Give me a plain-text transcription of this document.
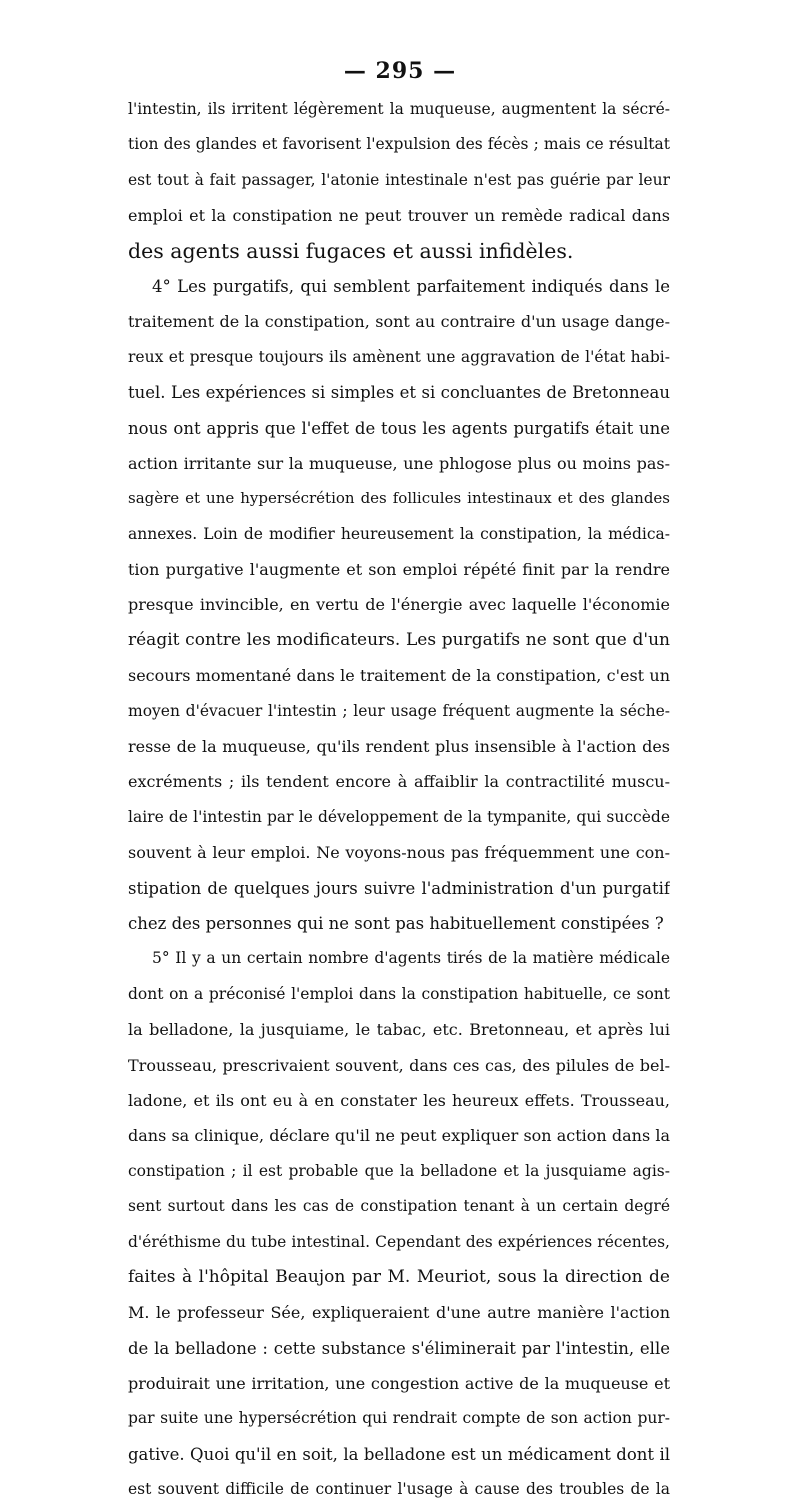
— 295 —
l'intestin, ils irritent légèrement la muqueuse, augmentent la sécré-
tion des glandes et favorisent l'expulsion des fécès ; mais ce résultat
est tout à fait passager, l'atonie intestinale n'est pas guérie par leur
emploi et la constipation ne peut trouver un remède radical dans
des agents aussi fugaces et aussi infidèles.
4° Les purgatifs, qui semblent parfaitement indiqués dans le
traitement de la constipation, sont au contraire d'un usage dange-
reux et presque toujours ils amènent une aggravation de l'état habi-
tuel. Les expériences si simples et si concluantes de Bretonneau
nous ont appris que l'effet de tous les agents purgatifs était une
action irritante sur la muqueuse, une phlogose plus ou moins pas-
sagère et une hypersécrétion des follicules intestinaux et des glandes
annexes. Loin de modifier heureusement la constipation, la médica-
tion purgative l'augmente et son emploi répété finit par la rendre
presque invincible, en vertu de l'énergie avec laquelle l'économie
réagit contre les modificateurs. Les purgatifs ne sont que d'un
secours momentané dans le traitement de la constipation, c'est un
moyen d'évacuer l'intestin ; leur usage fréquent augmente la séche-
resse de la muqueuse, qu'ils rendent plus insensible à l'action des
excréments ; ils tendent encore à affaiblir la contractilité muscu-
laire de l'intestin par le développement de la tympanite, qui succède
souvent à leur emploi. Ne voyons-nous pas fréquemment une con-
stipation de quelques jours suivre l'administration d'un purgatif
chez des personnes qui ne sont pas habituellement constipées ?
5° Il y a un certain nombre d'agents tirés de la matière médicale
dont on a préconisé l'emploi dans la constipation habituelle, ce sont
la belladone, la jusquiame, le tabac, etc. Bretonneau, et après lui
Trousseau, prescrivaient souvent, dans ces cas, des pilules de bel-
ladone, et ils ont eu à en constater les heureux effets. Trousseau,
dans sa clinique, déclare qu'il ne peut expliquer son action dans la
constipation ; il est probable que la belladone et la jusquiame agis-
sent surtout dans les cas de constipation tenant à un certain degré
d'éréthisme du tube intestinal. Cependant des expériences récentes,
faites à l'hôpital Beaujon par M. Meuriot, sous la direction de
M. le professeur Sée, expliqueraient d'une autre manière l'action
de la belladone : cette substance s'éliminerait par l'intestin, elle
produirait une irritation, une congestion active de la muqueuse et
par suite une hypersécrétion qui rendrait compte de son action pur-
gative. Quoi qu'il en soit, la belladone est un médicament dont il
est souvent difficile de continuer l'usage à cause des troubles de la
